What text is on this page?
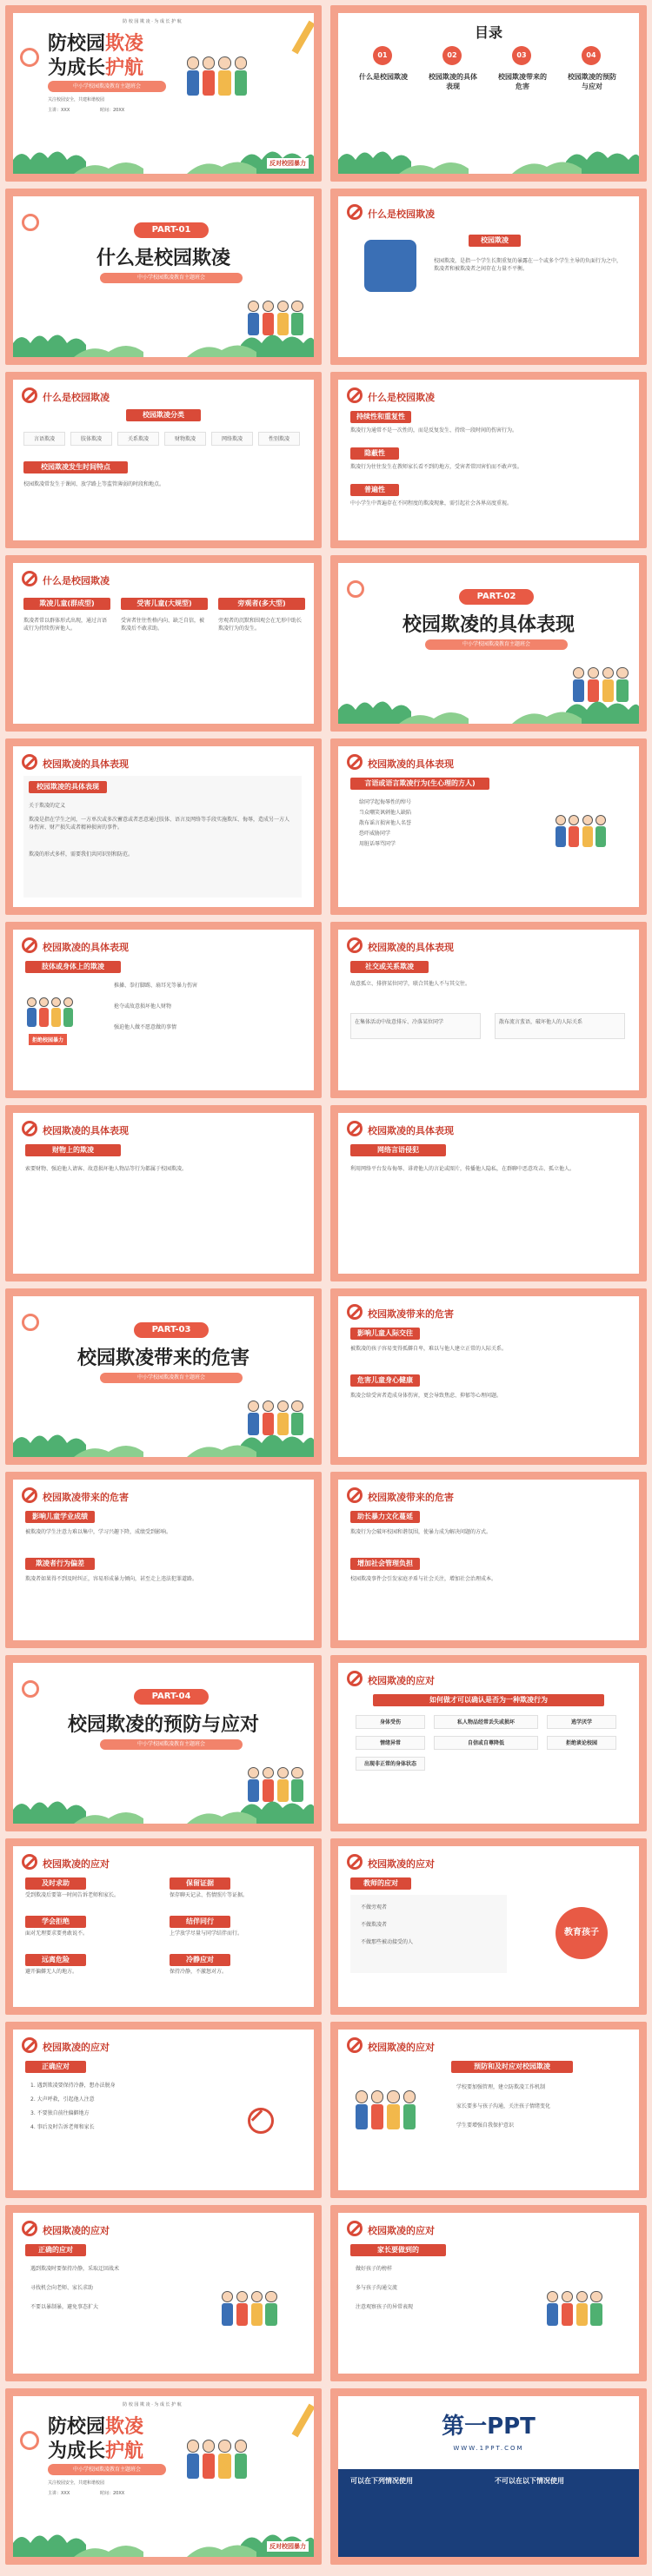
防 校 园 欺 凌 · 为 成 长 护 航
防校园欺凌
为成长护航
中小学校园欺凌教育主题班会
关注校园安全，共建和谐校园
主讲：XXX	时间：20XX
反对校园暴力
目录
01
什么是校园欺凌
02
校园欺凌的具体表现
03
校园欺凌带来的危害
04
校园欺凌的预防与应对
PART-01
什么是校园欺凌
中小学校园欺凌教育主题班会
什么是校园欺凌
校园欺凌
校园欺凌，是指一个学生长期重复的暴露在一个或多个学生主导的负面行为之中，欺凌者和被欺凌者之间存在力量不平衡。
什么是校园欺凌
校园欺凌分类
言语欺凌	肢体欺凌	关系欺凌	财物欺凌	网络欺凌	性别欺凌
校园欺凌发生时间特点
校园欺凌常发生于课间、放学路上等监管薄弱的时段和地点。
什么是校园欺凌
持续性和重复性
欺凌行为通常不是一次性的，而是反复发生、持续一段时间的伤害行为。
隐蔽性
欺凌行为往往发生在教师家长看不到的地方，受害者常因害怕而不敢声张。
普遍性
中小学生中普遍存在不同程度的欺凌现象，需引起社会各界高度重视。
什么是校园欺凌
欺凌儿童(群成型)
欺凌者常以群体形式出现，通过言语或行为持续伤害他人。
受害儿童(大规型)
受害者往往性格内向、缺乏自信，被欺凌后不敢求助。
旁观者(多大型)
旁观者的沉默和围观会在无形中助长欺凌行为的发生。
PART-02
校园欺凌的具体表现
中小学校园欺凌教育主题班会
校园欺凌的具体表现
校园欺凌的具体表现
关于欺凌的定义
欺凌是指在学生之间，一方单次或多次蓄意或者恶意通过肢体、语言及网络等手段实施欺压、侮辱，造成另一方人身伤害、财产损失或者精神损害的事件。
欺凌的形式多样，需要我们共同识别和防范。
校园欺凌的具体表现
言语或语言欺凌行为(生心理的方人)
给同学起侮辱性的绰号
当众嘲笑讽刺他人缺陷
散布谣言损害他人名誉
恐吓威胁同学
用脏话辱骂同学
校园欺凌的具体表现
肢体或身体上的欺凌
拒绝校园暴力
推搡、拳打脚踢、扇耳光等暴力伤害
抢夺或故意损坏他人财物
强迫他人做不愿意做的事情
校园欺凌的具体表现
社交或关系欺凌
故意孤立、排挤某位同学，联合其他人不与其交往。
在集体活动中故意排斥、冷落某位同学	散布流言蜚语，破坏他人的人际关系
校园欺凌的具体表现
财物上的欺凌
索要财物、强迫他人请客、故意损坏他人物品等行为都属于校园欺凌。
校园欺凌的具体表现
网络言语侵犯
利用网络平台发布侮辱、诽谤他人的言论或图片，传播他人隐私，在群聊中恶意攻击、孤立他人。
PART-03
校园欺凌带来的危害
中小学校园欺凌教育主题班会
校园欺凌带来的危害
影响儿童人际交往
被欺凌的孩子容易变得孤僻自卑，难以与他人建立正常的人际关系。
危害儿童身心健康
欺凌会给受害者造成身体伤害，更会导致焦虑、抑郁等心理问题。
校园欺凌带来的危害
影响儿童学业成绩
被欺凌的学生注意力难以集中，学习兴趣下降，成绩受到影响。
欺凌者行为偏差
欺凌者如果得不到及时纠正，容易形成暴力倾向，甚至走上违法犯罪道路。
校园欺凌带来的危害
助长暴力文化蔓延
欺凌行为会破坏校园和谐氛围，使暴力成为解决问题的方式。
增加社会管理负担
校园欺凌事件会引发家庭矛盾与社会关注，增加社会治理成本。
PART-04
校园欺凌的预防与应对
中小学校园欺凌教育主题班会
校园欺凌的应对
如何做才可以确认是否为一种欺凌行为
身体受伤	私人物品经常丢失或损坏	逃学厌学
情绪异常	自信或自尊降低	拒绝谈论校园
出现非正常的身体状态
校园欺凌的应对
及时求助
受到欺凌后要第一时间告诉老师和家长。
保留证据
保存聊天记录、伤情照片等证据。
学会拒绝
面对无理要求要勇敢说不。
结伴同行
上学放学尽量与同学结伴而行。
远离危险
避开偏僻无人的地方。
冷静应对
保持冷静，不激怒对方。
校园欺凌的应对
教师的应对
不做旁观者
不做欺凌者
不做那些被动接受的人
教育孩子
校园欺凌的应对
正确应对
1. 遇到欺凌要保持冷静，想办法脱身
2. 大声呼救，引起他人注意
3. 不要独自前往偏僻地方
4. 事后及时告诉老师和家长
校园欺凌的应对
预防和及时应对校园欺凌
学校要加强管理，建立防欺凌工作机制
家长要多与孩子沟通，关注孩子情绪变化
学生要增强自我保护意识
校园欺凌的应对
正确的应对
遇到欺凌时要保持冷静，采取迂回战术
寻找机会向老师、家长求助
不要以暴制暴，避免事态扩大
校园欺凌的应对
家长要做到的
做好孩子的榜样
多与孩子沟通交流
注意观察孩子的异常表现
防 校 园 欺 凌 · 为 成 长 护 航
防校园欺凌
为成长护航
中小学校园欺凌教育主题班会
关注校园安全，共建和谐校园
主讲：XXX	时间：20XX
反对校园暴力
第一PPT
WWW.1PPT.COM
可以在下列情况使用	不可以在以下情况使用
